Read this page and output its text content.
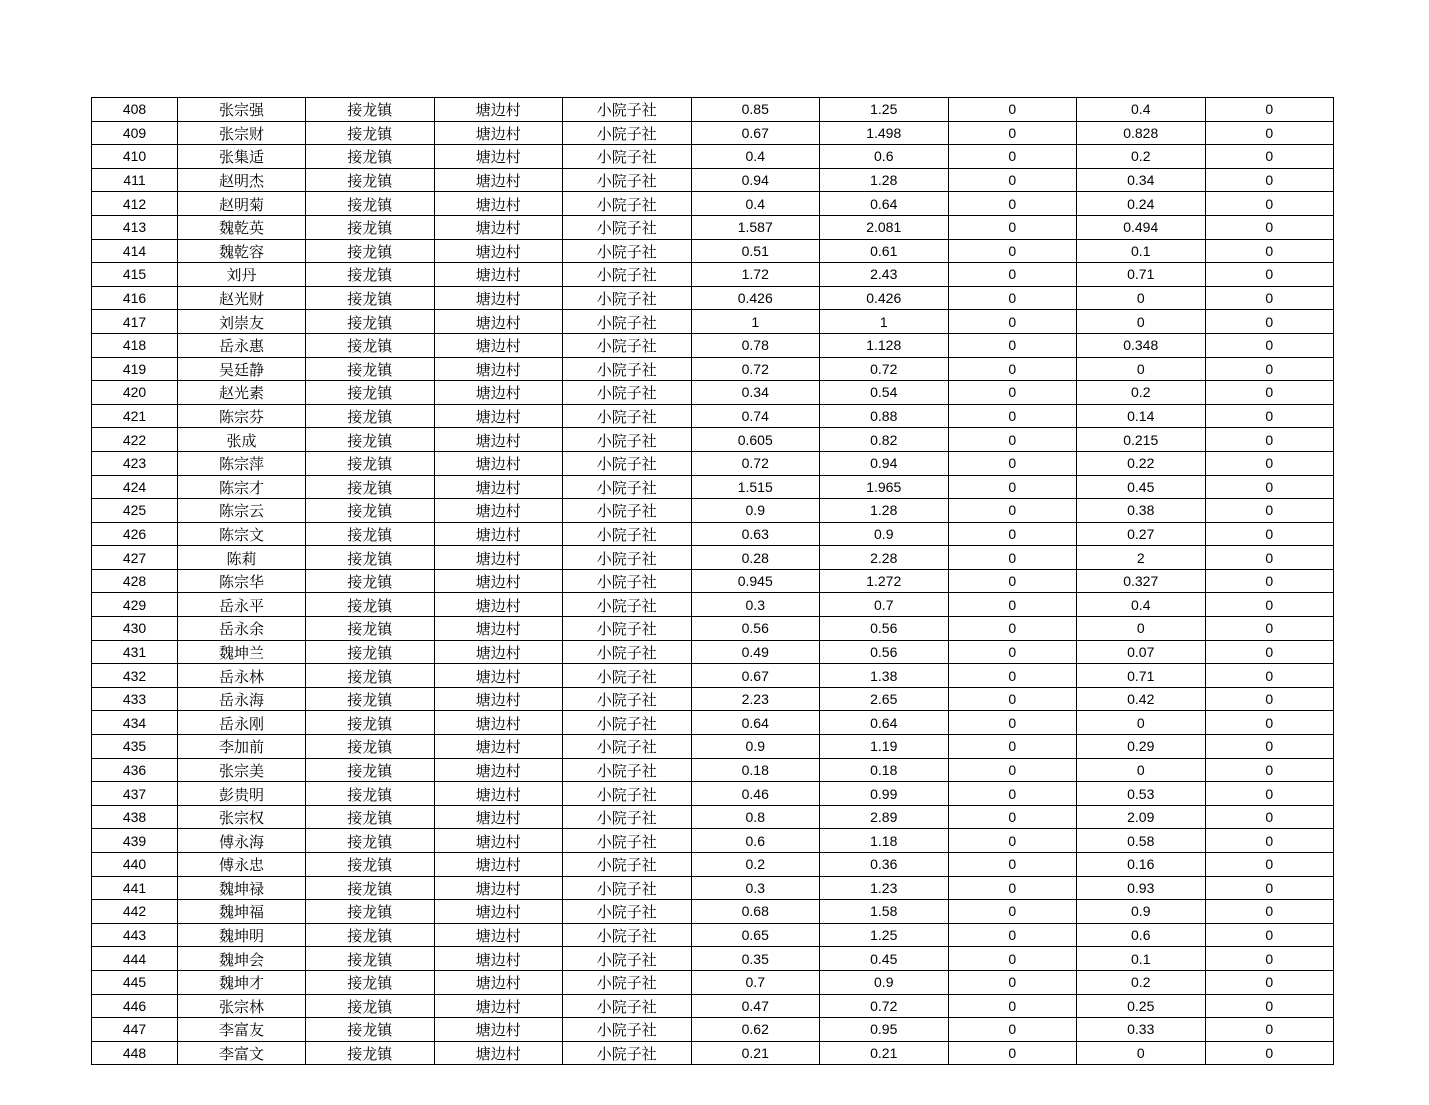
408	张宗强	接龙镇	塘边村	小院子社	0.85	1.25	0	0.4	0
409	张宗财	接龙镇	塘边村	小院子社	0.67	1.498	0	0.828	0
410	张集适	接龙镇	塘边村	小院子社	0.4	0.6	0	0.2	0
411	赵明杰	接龙镇	塘边村	小院子社	0.94	1.28	0	0.34	0
412	赵明菊	接龙镇	塘边村	小院子社	0.4	0.64	0	0.24	0
413	魏乾英	接龙镇	塘边村	小院子社	1.587	2.081	0	0.494	0
414	魏乾容	接龙镇	塘边村	小院子社	0.51	0.61	0	0.1	0
415	刘丹	接龙镇	塘边村	小院子社	1.72	2.43	0	0.71	0
416	赵光财	接龙镇	塘边村	小院子社	0.426	0.426	0	0	0
417	刘崇友	接龙镇	塘边村	小院子社	1	1	0	0	0
418	岳永惠	接龙镇	塘边村	小院子社	0.78	1.128	0	0.348	0
419	吴廷静	接龙镇	塘边村	小院子社	0.72	0.72	0	0	0
420	赵光素	接龙镇	塘边村	小院子社	0.34	0.54	0	0.2	0
421	陈宗芬	接龙镇	塘边村	小院子社	0.74	0.88	0	0.14	0
422	张成	接龙镇	塘边村	小院子社	0.605	0.82	0	0.215	0
423	陈宗萍	接龙镇	塘边村	小院子社	0.72	0.94	0	0.22	0
424	陈宗才	接龙镇	塘边村	小院子社	1.515	1.965	0	0.45	0
425	陈宗云	接龙镇	塘边村	小院子社	0.9	1.28	0	0.38	0
426	陈宗文	接龙镇	塘边村	小院子社	0.63	0.9	0	0.27	0
427	陈莉	接龙镇	塘边村	小院子社	0.28	2.28	0	2	0
428	陈宗华	接龙镇	塘边村	小院子社	0.945	1.272	0	0.327	0
429	岳永平	接龙镇	塘边村	小院子社	0.3	0.7	0	0.4	0
430	岳永余	接龙镇	塘边村	小院子社	0.56	0.56	0	0	0
431	魏坤兰	接龙镇	塘边村	小院子社	0.49	0.56	0	0.07	0
432	岳永林	接龙镇	塘边村	小院子社	0.67	1.38	0	0.71	0
433	岳永海	接龙镇	塘边村	小院子社	2.23	2.65	0	0.42	0
434	岳永刚	接龙镇	塘边村	小院子社	0.64	0.64	0	0	0
435	李加前	接龙镇	塘边村	小院子社	0.9	1.19	0	0.29	0
436	张宗美	接龙镇	塘边村	小院子社	0.18	0.18	0	0	0
437	彭贵明	接龙镇	塘边村	小院子社	0.46	0.99	0	0.53	0
438	张宗权	接龙镇	塘边村	小院子社	0.8	2.89	0	2.09	0
439	傅永海	接龙镇	塘边村	小院子社	0.6	1.18	0	0.58	0
440	傅永忠	接龙镇	塘边村	小院子社	0.2	0.36	0	0.16	0
441	魏坤禄	接龙镇	塘边村	小院子社	0.3	1.23	0	0.93	0
442	魏坤福	接龙镇	塘边村	小院子社	0.68	1.58	0	0.9	0
443	魏坤明	接龙镇	塘边村	小院子社	0.65	1.25	0	0.6	0
444	魏坤会	接龙镇	塘边村	小院子社	0.35	0.45	0	0.1	0
445	魏坤才	接龙镇	塘边村	小院子社	0.7	0.9	0	0.2	0
446	张宗林	接龙镇	塘边村	小院子社	0.47	0.72	0	0.25	0
447	李富友	接龙镇	塘边村	小院子社	0.62	0.95	0	0.33	0
448	李富文	接龙镇	塘边村	小院子社	0.21	0.21	0	0	0
